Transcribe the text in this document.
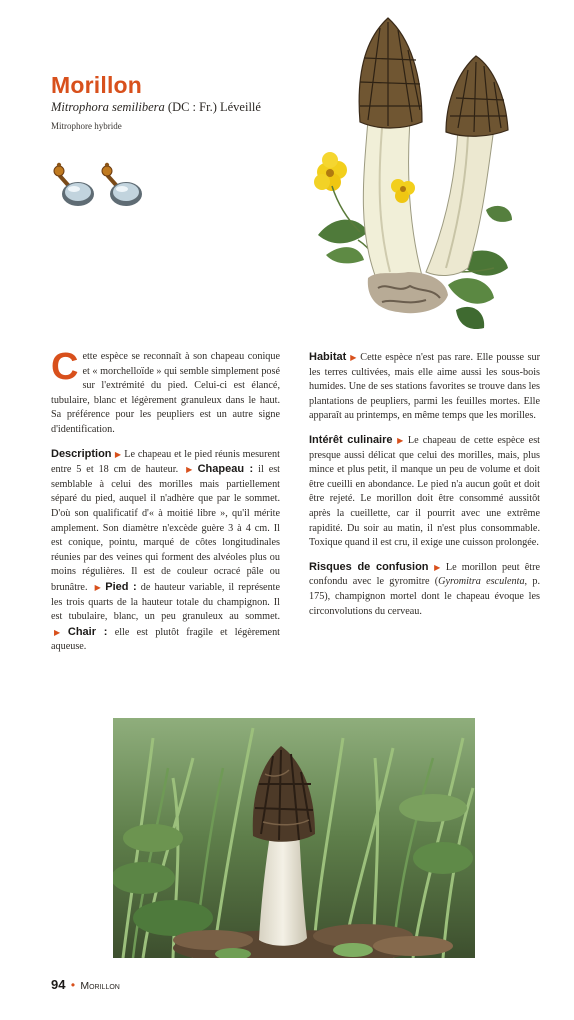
Morillon
Mitrophora semilibera (DC : Fr.) Léveillé
Mitrophore hybride

Cette espèce se reconnaît à son chapeau conique et « morchelloïde » qui semble simplement posé sur l'extrémité du pied. Celui-ci est élancé, tubulaire, blanc et légèrement granuleux dans le haut. Sa préférence pour les peupliers est un autre signe d'identification.

Description ▶ Le chapeau et le pied réunis mesurent entre 5 et 18 cm de hauteur. ▶ Chapeau : il est semblable à celui des morilles mais partiellement séparé du pied, auquel il n'adhère que par le sommet. D'où son qualificatif d'« à moitié libre », qu'il mérite amplement. Son diamètre n'excède guère 3 à 4 cm. Il est conique, pointu, marqué de côtes longitudinales réunies par des veines qui forment des alvéoles plus ou moins régulières. Il est de couleur ocracé pâle ou brunâtre. ▶ Pied : de hauteur variable, il représente les trois quarts de la hauteur totale du champignon. Il est tubulaire, blanc, un peu granuleux au sommet. ▶ Chair : elle est plutôt fragile et légèrement aqueuse.

Habitat ▶ Cette espèce n'est pas rare. Elle pousse sur les terres cultivées, mais elle aime aussi les sous-bois humides. Une de ses stations favorites se trouve dans les plantations de peupliers, parmi les feuilles mortes. Elle apparaît au printemps, en même temps que les morilles.

Intérêt culinaire ▶ Le chapeau de cette espèce est presque aussi délicat que celui des morilles, mais, plus mince et plus petit, il manque un peu de volume et doit être cueilli en abondance. Le pied n'a aucun goût et doit être rejeté. Le morillon doit être consommé aussitôt après la cueillette, car il pourrit avec une extrême rapidité. Du soir au matin, il n'est plus consommable. Toxique quand il est cru, il exige une cuisson prolongée.

Risques de confusion ▶ Le morillon peut être confondu avec le gyromitre (Gyromitra esculenta, p. 175), champignon mortel dont le chapeau évoque les circonvolutions du cerveau.

94 • Morillon
